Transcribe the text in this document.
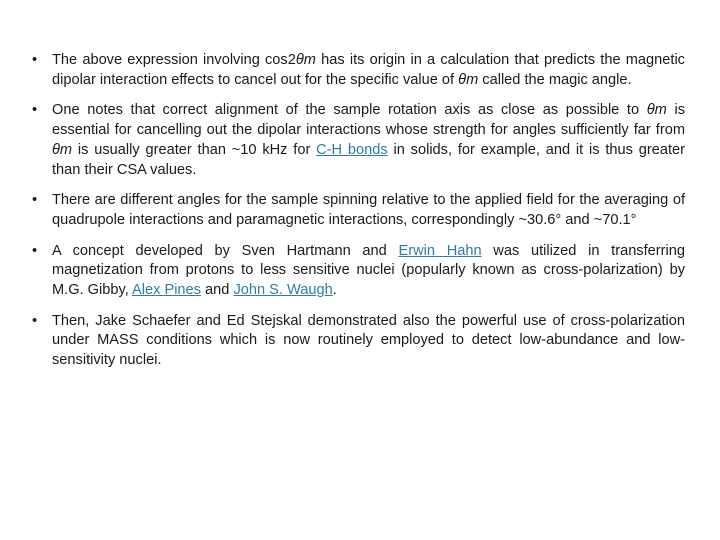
•	The above expression involving cos2θm has its origin in a calculation that predicts the magnetic dipolar interaction effects to cancel out for the specific value of θm called the magic angle.
•	One notes that correct alignment of the sample rotation axis as close as possible to θm is essential for cancelling out the dipolar interactions whose strength for angles sufficiently far from θm is usually greater than ~10 kHz for C-H bonds in solids, for example, and it is thus greater than their CSA values.
•	There are different angles for the sample spinning relative to the applied field for the averaging of quadrupole interactions and paramagnetic interactions, correspondingly ~30.6° and ~70.1°
•	A concept developed by Sven Hartmann and Erwin Hahn was utilized in transferring magnetization from protons to less sensitive nuclei (popularly known as cross-polarization) by M.G. Gibby, Alex Pines and John S. Waugh.
•	Then, Jake Schaefer and Ed Stejskal demonstrated also the powerful use of cross-polarization under MASS conditions which is now routinely employed to detect low-abundance and low-sensitivity nuclei.
